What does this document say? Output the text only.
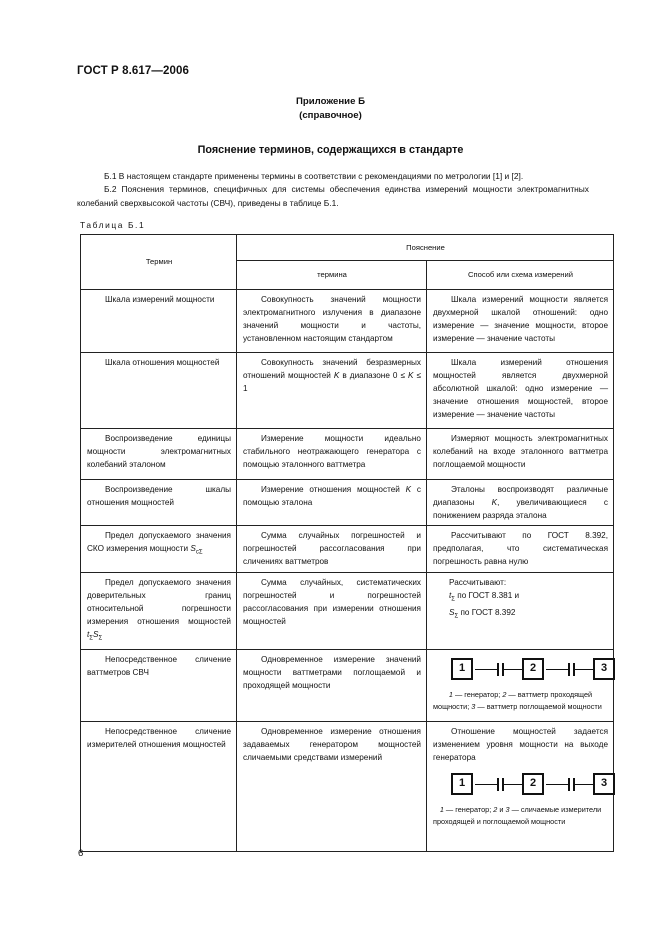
ГОСТ Р 8.617—2006
Приложение Б
(справочное)
Пояснение терминов, содержащихся в стандарте
Б.1 В настоящем стандарте применены термины в соответствии с рекомендациями по метрологии [1] и [2].
Б.2 Пояснения терминов, специфичных для системы обеспечения единства измерений мощности электромагнитных колебаний сверхвысокой частоты (СВЧ), приведены в таблице Б.1.
Таблица Б.1
Термин	Пояснение	
	термина	Способ или схема измерений
Шкала измерений мощности	Совокупность значений мощности электромагнитного излучения в диапазоне значений мощности и частоты, установленном настоящим стандартом	Шкала измерений мощности является двухмерной шкалой отношений: одно измерение — значение мощности, второе измерение — значение частоты
Шкала отношения мощностей	Совокупность значений безразмерных отношений мощностей K в диапазоне 0 ≤ K ≤ 1	Шкала измерений отношения мощностей является двухмерной абсолютной шкалой: одно измерение — значение отношения мощностей, второе измерение — значение частоты
Воспроизведение единицы мощности электромагнитных колебаний эталоном	Измерение мощности идеально стабильного неотражающего генератора с помощью эталонного ваттметра	Измеряют мощность электромагнитных колебаний на входе эталонного ваттметра поглощаемой мощности
Воспроизведение шкалы отношения мощностей	Измерение отношения мощностей K с помощью эталона	Эталоны воспроизводят различные диапазоны K, увеличивающиеся с понижением разряда эталона
Предел допускаемого значения СКО измерения мощности $S_{c\Sigma}$	Сумма случайных погрешностей и погрешностей рассогласования при сличениях ваттметров	Рассчитывают по ГОСТ 8.392, предполагая, что систематическая погрешность равна нулю
Предел допускаемого значения доверительных границ относительной погрешности измерения отношения мощностей $t_\Sigma S_\Sigma$	Сумма случайных, систематических погрешностей и погрешностей рассогласования при измерении отношения мощностей	Рассчитывают:
$t_\Sigma$ по ГОСТ 8.381 и
$S_\Sigma$ по ГОСТ 8.392

Непосредственное сличение ваттметров СВЧ	Одновременное измерение значений мощности ваттметрами поглощаемой и проходящей мощности	1 2 3
1 — генератор; 2 — ваттметр проходящей мощности; 3 — ваттметр поглощаемой мощности

Непосредственное сличение измерителей отношения мощностей	Одновременное измерение отношения задаваемых генератором мощностей сличаемыми средствами измерений	Отношение мощностей задается изменением уровня мощности на выходе генератора
1 2 3
1 — генератор; 2 и 3 — сличаемые измерители проходящей и поглощаемой мощности
6
